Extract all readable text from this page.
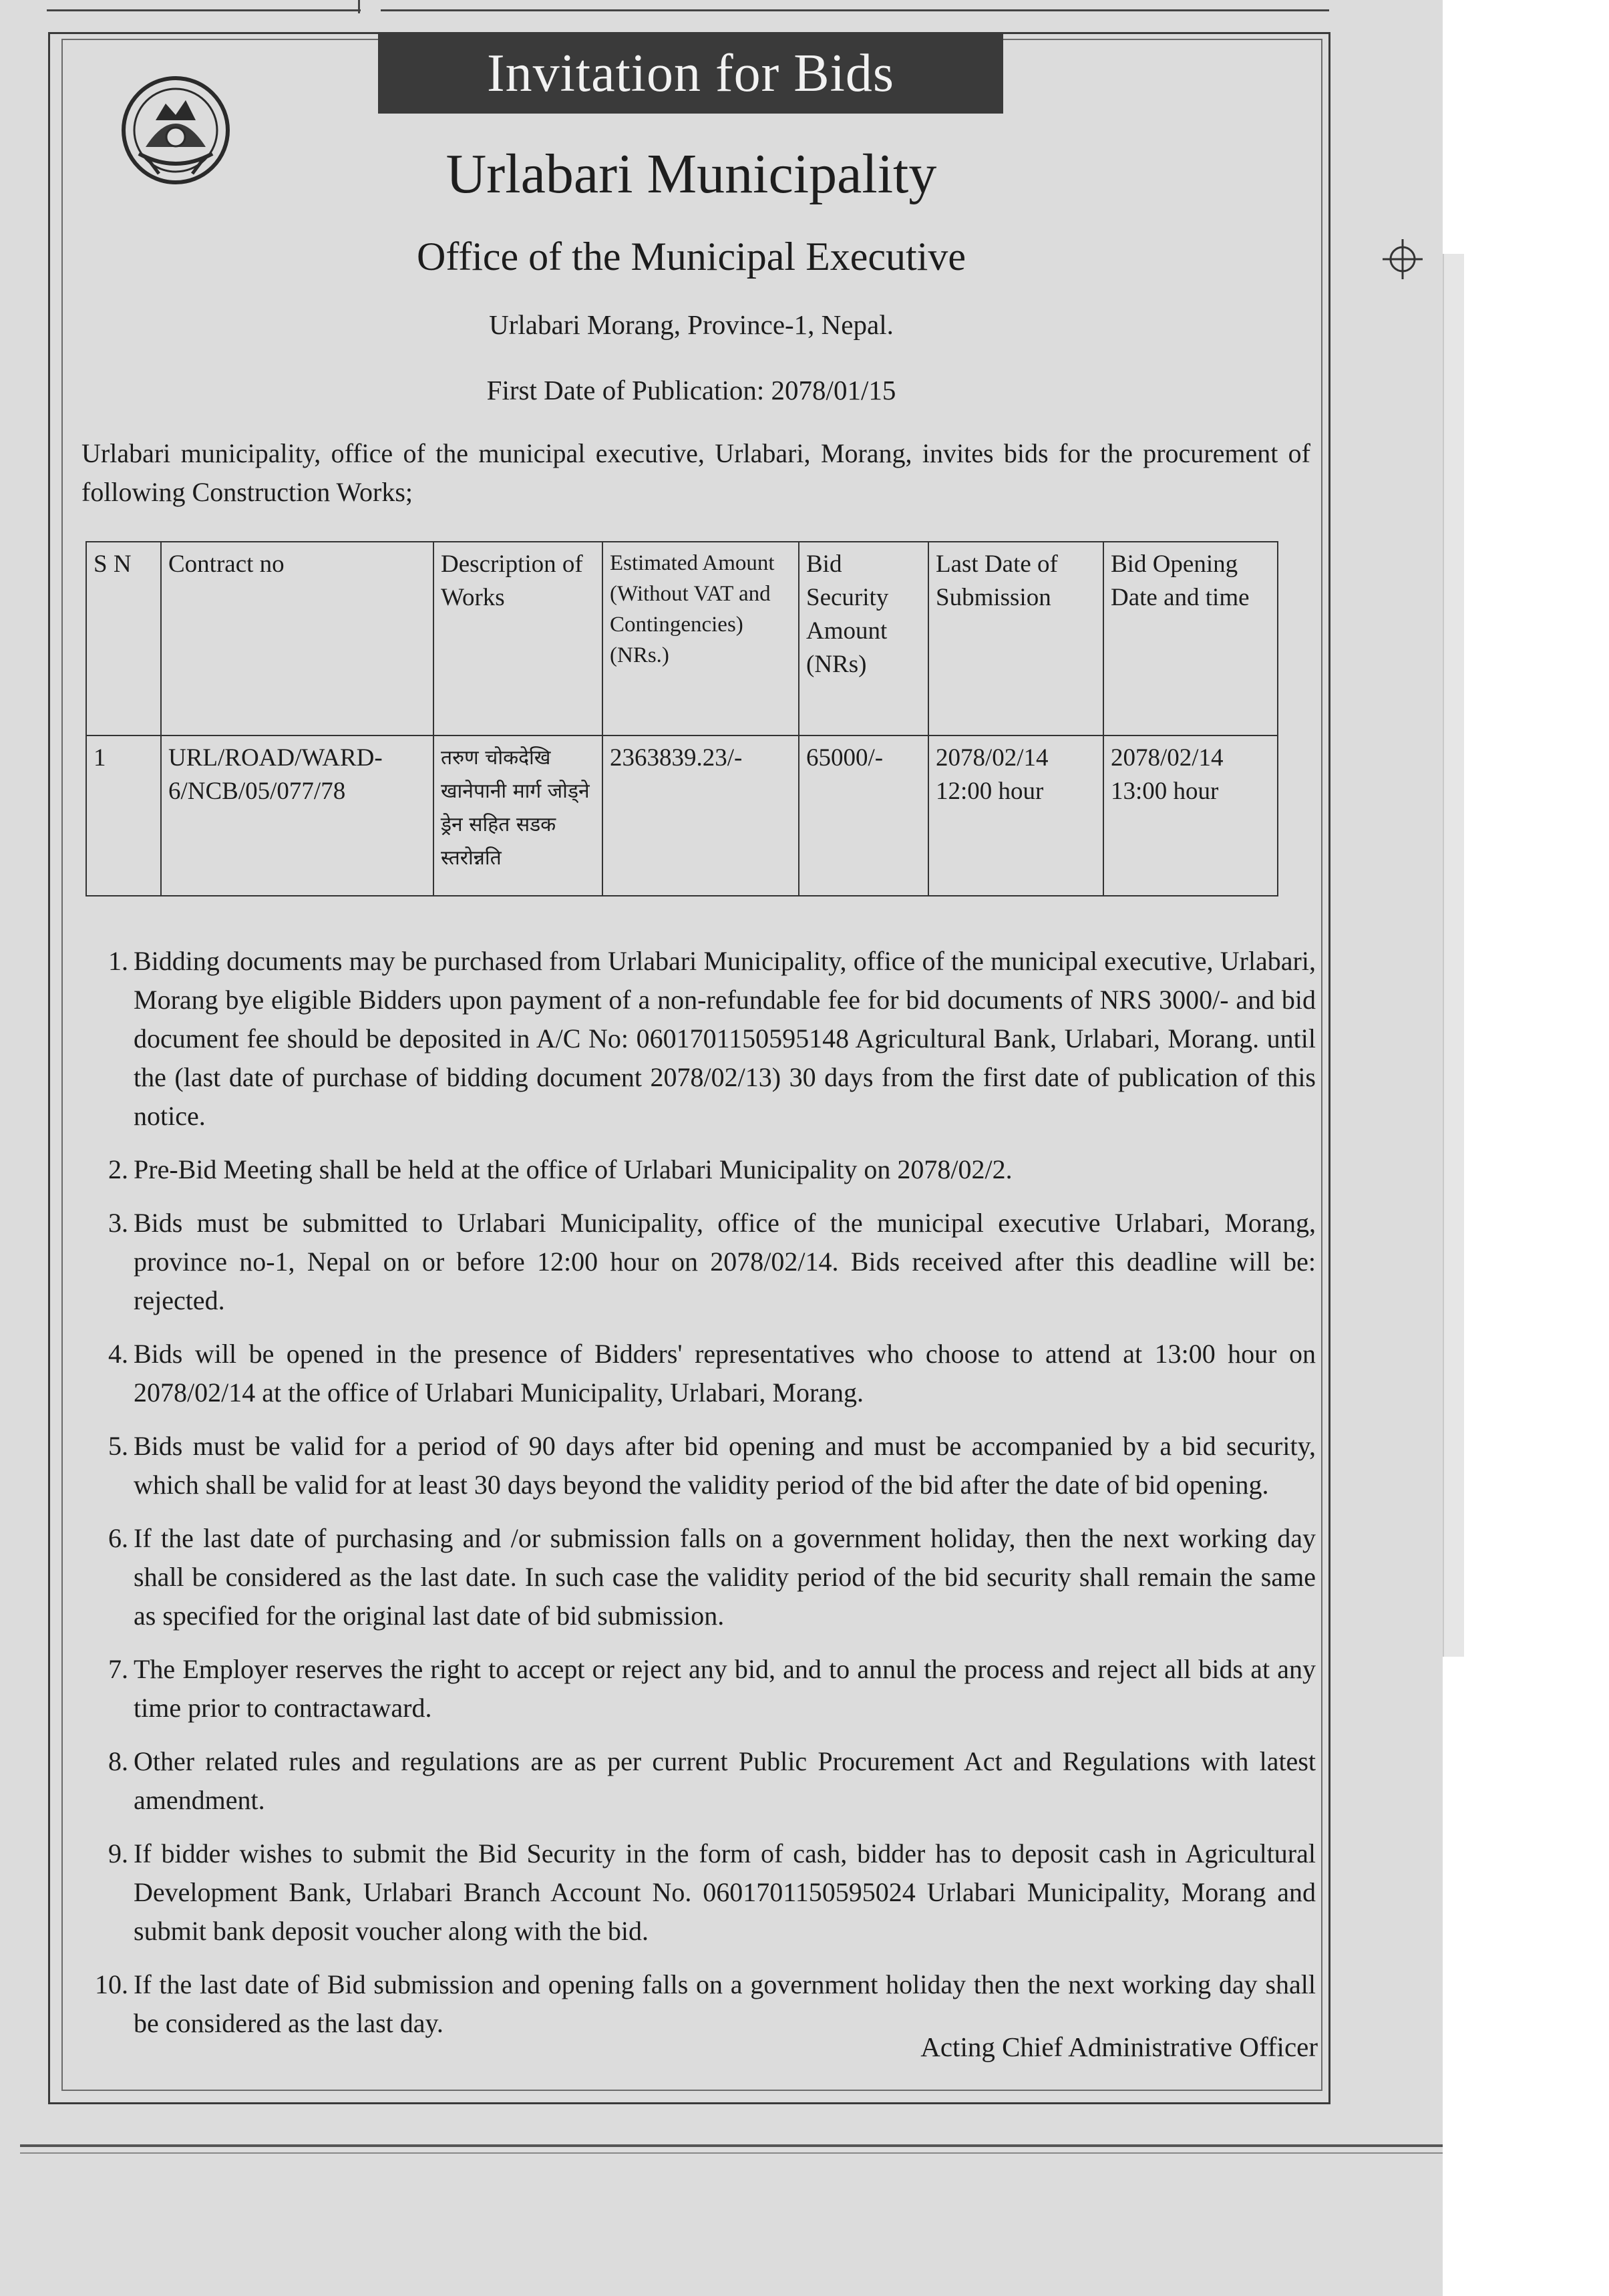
Invitation for Bids
Urlabari Municipality
Office of the Municipal Executive
Urlabari Morang, Province-1, Nepal.
First Date of Publication: 2078/01/15
Urlabari municipality, office of the municipal executive, Urlabari, Morang, invites bids for the procurement of following Construction Works;
S N	Contract no	Description of Works	Estimated Amount (Without VAT and Contingencies) (NRs.)	Bid Security Amount (NRs)	Last Date of Submission	Bid Opening Date and time
1	URL/ROAD/WARD-6/NCB/05/077/78	तरुण चोकदेखि खानेपानी मार्ग जोड्ने ड्रेन सहित सडक स्तरोन्नति	2363839.23/-	65000/-	2078/02/14 12:00 hour	2078/02/14 13:00 hour
1. Bidding documents may be purchased from Urlabari Municipality, office of the municipal executive, Urlabari, Morang bye eligible Bidders upon payment of a non-refundable fee for bid documents of NRS 3000/- and bid document fee should be deposited in A/C No: 0601701150595148 Agricultural Bank, Urlabari, Morang. until the (last date of purchase of bidding document 2078/02/13) 30 days from the first date of publication of this notice.
2. Pre-Bid Meeting shall be held at the office of Urlabari Municipality on 2078/02/2.
3. Bids must be submitted to Urlabari Municipality, office of the municipal executive Urlabari, Morang, province no-1, Nepal on or before 12:00 hour on 2078/02/14. Bids received after this deadline will be: rejected.
4. Bids will be opened in the presence of Bidders' representatives who choose to attend at 13:00 hour on 2078/02/14 at the office of Urlabari Municipality, Urlabari, Morang.
5. Bids must be valid for a period of 90 days after bid opening and must be accompanied by a bid security, which shall be valid for at least 30 days beyond the validity period of the bid after the date of bid opening.
6. If the last date of purchasing and /or submission falls on a government holiday, then the next working day shall be considered as the last date. In such case the validity period of the bid security shall remain the same as specified for the original last date of bid submission.
7. The Employer reserves the right to accept or reject any bid, and to annul the process and reject all bids at any time prior to contractaward.
8. Other related rules and regulations are as per current Public Procurement Act and Regulations with latest amendment.
9. If bidder wishes to submit the Bid Security in the form of cash, bidder has to deposit cash in Agricultural Development Bank, Urlabari Branch Account No. 0601701150595024 Urlabari Municipality, Morang and submit bank deposit voucher along with the bid.
10. If the last date of Bid submission and opening falls on a government holiday then the next working day shall be considered as the last day.
Acting Chief Administrative Officer
